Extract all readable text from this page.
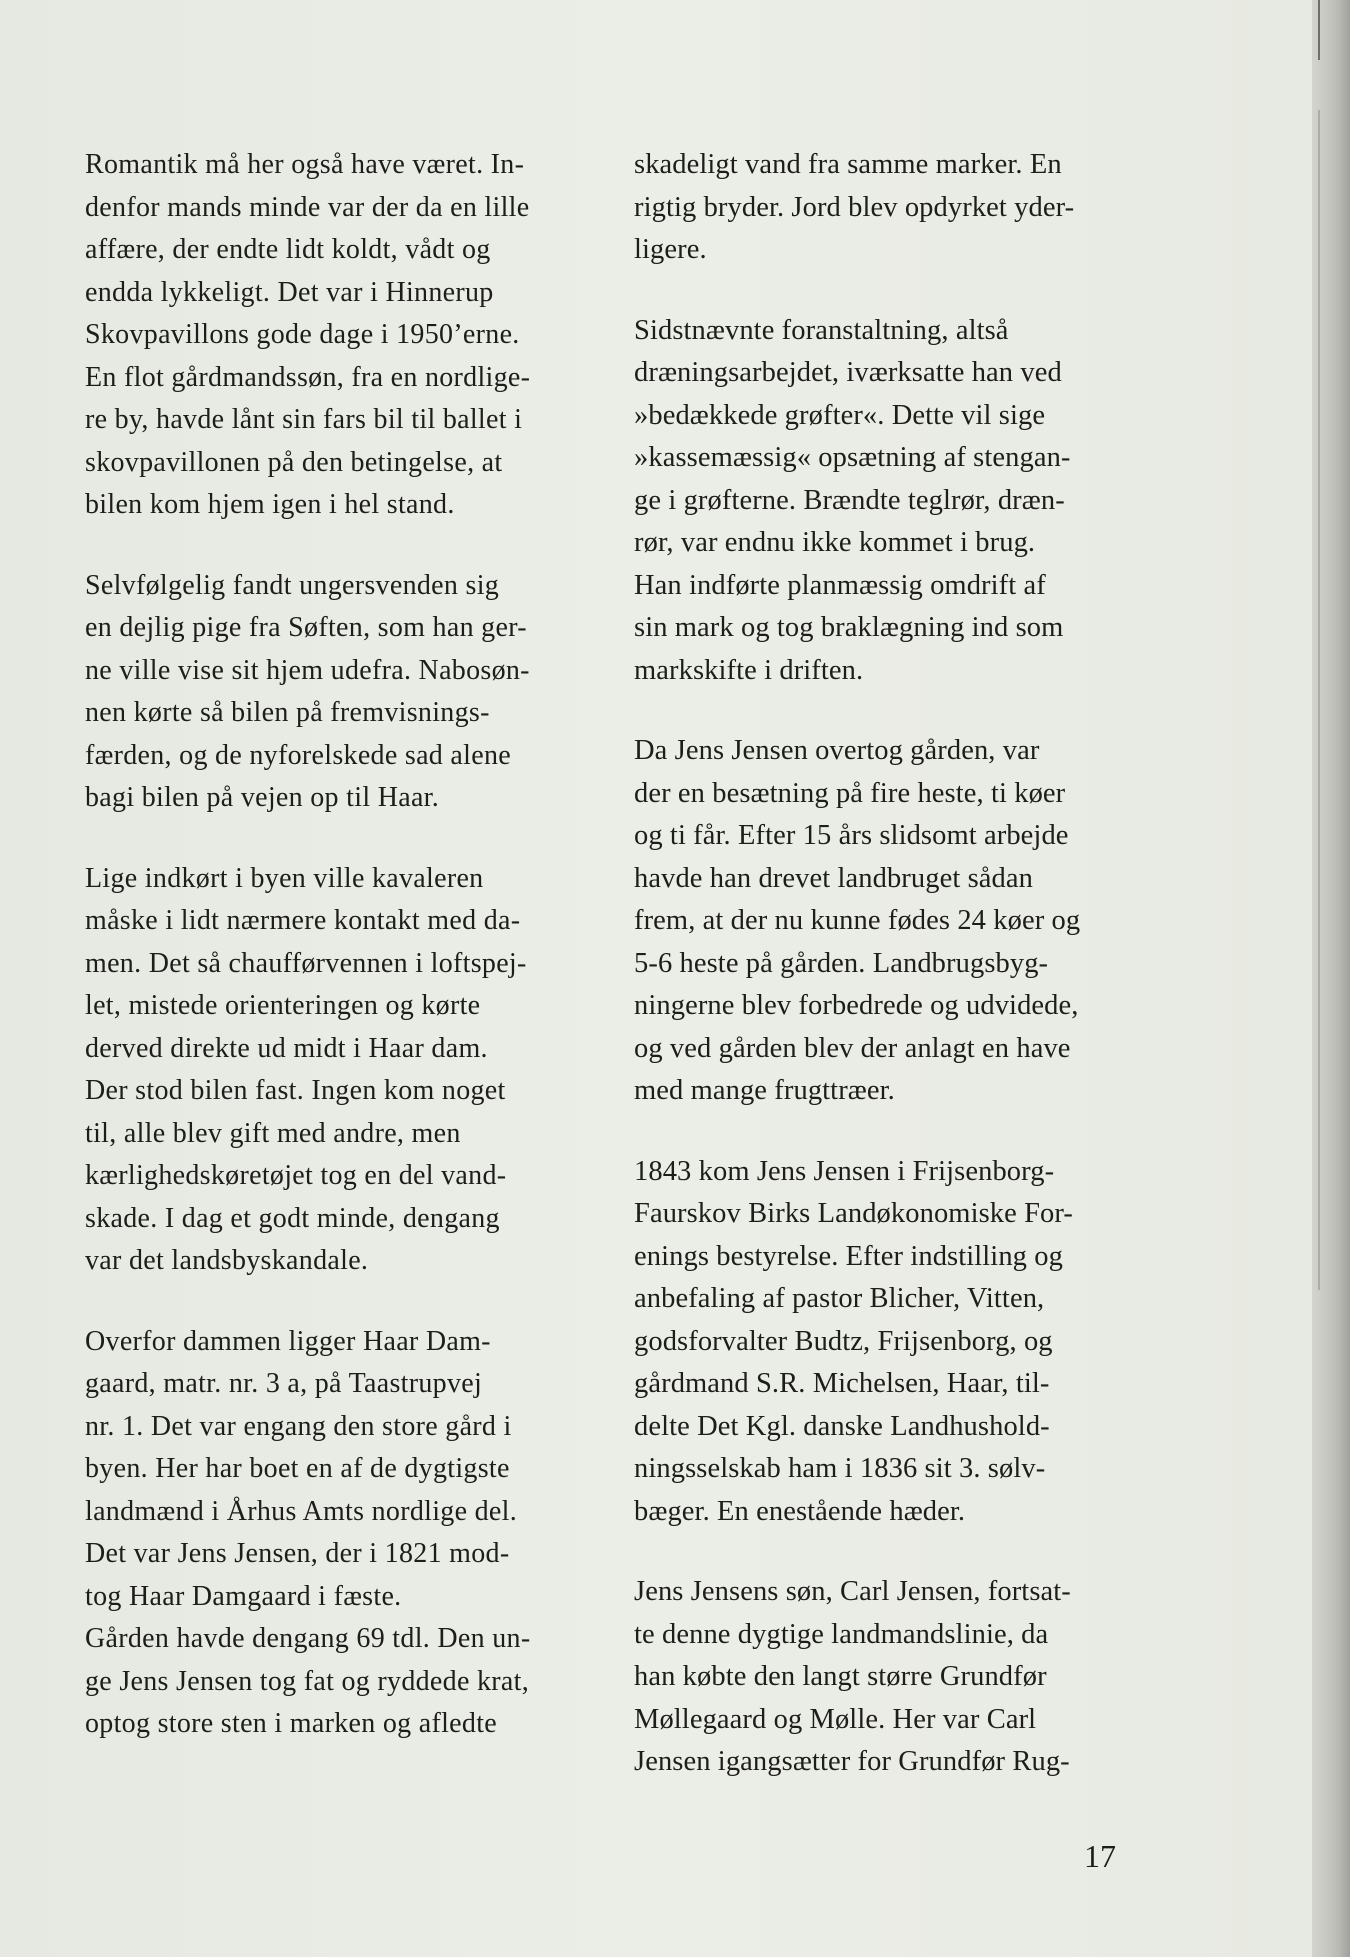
Romantik må her også have været. In-
denfor mands minde var der da en lille
affære, der endte lidt koldt, vådt og
endda lykkeligt. Det var i Hinnerup
Skovpavillons gode dage i 1950’erne.
En flot gårdmandssøn, fra en nordlige-
re by, havde lånt sin fars bil til ballet i
skovpavillonen på den betingelse, at
bilen kom hjem igen i hel stand.
Selvfølgelig fandt ungersvenden sig
en dejlig pige fra Søften, som han ger-
ne ville vise sit hjem udefra. Nabosøn-
nen kørte så bilen på fremvisnings-
færden, og de nyforelskede sad alene
bagi bilen på vejen op til Haar.
Lige indkørt i byen ville kavaleren
måske i lidt nærmere kontakt med da-
men. Det så chaufførvennen i loftspej-
let, mistede orienteringen og kørte
derved direkte ud midt i Haar dam.
Der stod bilen fast. Ingen kom noget
til, alle blev gift med andre, men
kærlighedskøretøjet tog en del vand-
skade. I dag et godt minde, dengang
var det landsbyskandale.
Overfor dammen ligger Haar Dam-
gaard, matr. nr. 3 a, på Taastrupvej
nr. 1. Det var engang den store gård i
byen. Her har boet en af de dygtigste
landmænd i Århus Amts nordlige del.
Det var Jens Jensen, der i 1821 mod-
tog Haar Damgaard i fæste.
Gården havde dengang 69 tdl. Den un-
ge Jens Jensen tog fat og ryddede krat,
optog store sten i marken og afledte
skadeligt vand fra samme marker. En
rigtig bryder. Jord blev opdyrket yder-
ligere.
Sidstnævnte foranstaltning, altså
dræningsarbejdet, iværksatte han ved
»bedækkede grøfter«. Dette vil sige
»kassemæssig« opsætning af stengan-
ge i grøfterne. Brændte teglrør, dræn-
rør, var endnu ikke kommet i brug.
Han indførte planmæssig omdrift af
sin mark og tog braklægning ind som
markskifte i driften.
Da Jens Jensen overtog gården, var
der en besætning på fire heste, ti køer
og ti får. Efter 15 års slidsomt arbejde
havde han drevet landbruget sådan
frem, at der nu kunne fødes 24 køer og
5-6 heste på gården. Landbrugsbyg-
ningerne blev forbedrede og udvidede,
og ved gården blev der anlagt en have
med mange frugttræer.
1843 kom Jens Jensen i Frijsenborg-
Faurskov Birks Landøkonomiske For-
enings bestyrelse. Efter indstilling og
anbefaling af pastor Blicher, Vitten,
godsforvalter Budtz, Frijsenborg, og
gårdmand S.R. Michelsen, Haar, til-
delte Det Kgl. danske Landhushold-
ningsselskab ham i 1836 sit 3. sølv-
bæger. En enestående hæder.
Jens Jensens søn, Carl Jensen, fortsat-
te denne dygtige landmandslinie, da
han købte den langt større Grundfør
Møllegaard og Mølle. Her var Carl
Jensen igangsætter for Grundfør Rug-
17
